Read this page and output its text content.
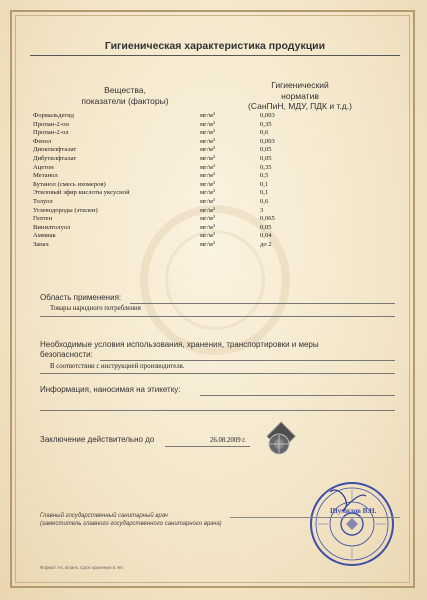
Гигиеническая характеристика продукции
Вещества,
показатели (факторы)
Гигиенический
норматив
(СанПиН, МДУ, ПДК и т.д.)
Формальдегид	$мг/м^3$	0,003
Пропан-2-он	$мг/м^3$	0,35
Пропан-2-ол	$мг/м^3$	0,6
Фенол	$мг/м^3$	0,003
Диоктилфталат	$мг/м^3$	0,05
Дибутилфталат	$мг/м^3$	0,05
Ацетон	$мг/м^3$	0,35
Метанол	$мг/м^3$	0,5
Бутанол (смесь изомеров)	$мг/м^3$	0,1
Этиловый эфир кислоты уксусной	$мг/м^3$	0,1
Толуол	$мг/м^3$	0,6
Углеводороды (этилен)	$мг/м^3$	3
Гептен	$мг/м^3$	0,065
Винилтолуол	$мг/м^3$	0,05
Аммиак	$мг/м^3$	0,04
Запах	$мг/м^3$	до 2
Область применения:
Товары народного потребления
Необходимые условия использования, хранения, транспортировки и меры
безопасности:
В соответствии с инструкцией производителя.
Информация, наносимая на этикетку:
Заключение действительно до	26.08.2009 г.
Шумилов В.Н.
Главный государственный санитарный врач
(заместитель главного государственного санитарного врача)
Формат А4. Бланк. Срок хранения 5 лет.
